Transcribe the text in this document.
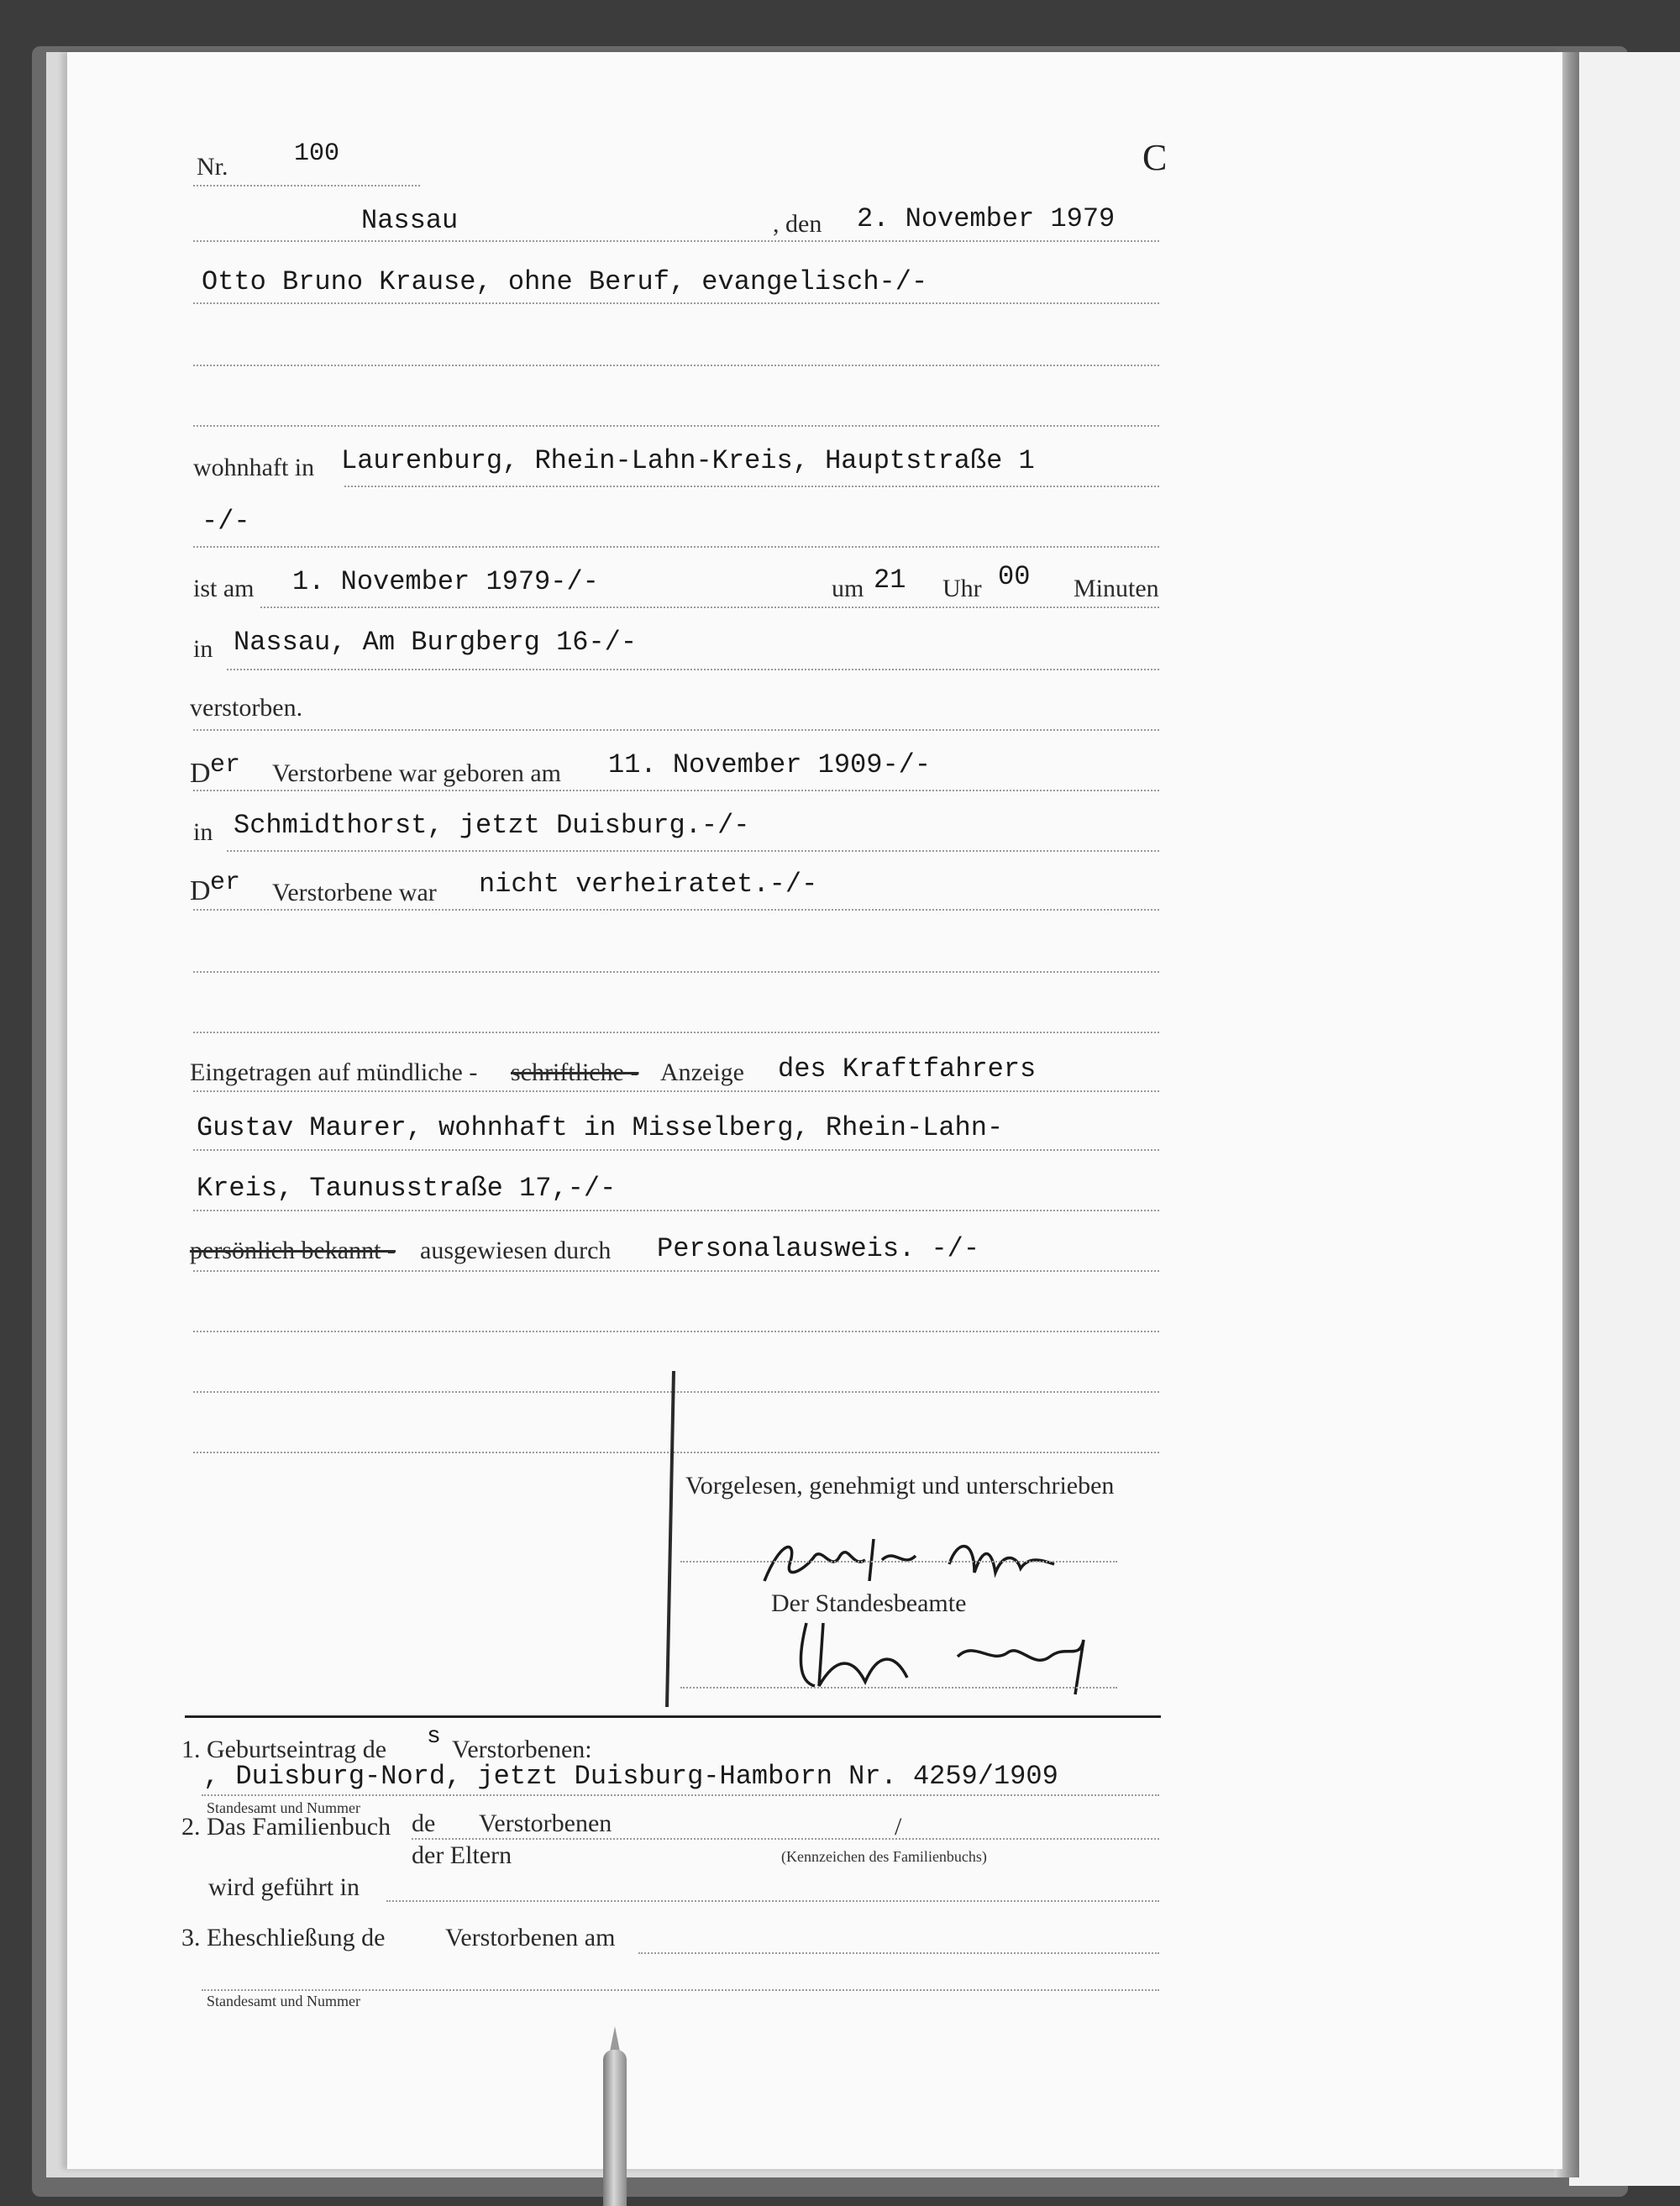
Nr.	100	C
Nassau	, den 2. November 1979
Otto Bruno Krause, ohne Beruf, evangelisch-/-
wohnhaft in Laurenburg, Rhein-Lahn-Kreis, Hauptstraße 1
-/-
ist am 1. November 1979-/-	um 21 Uhr 00 Minuten
in Nassau, Am Burgberg 16-/-
verstorben.
D er Verstorbene war geboren am 11. November 1909-/-
in Schmidthorst, jetzt Duisburg.-/-
D er Verstorbene war nicht verheiratet.-/-
Eingetragen auf mündliche - schriftliche - Anzeige des Kraftfahrers
Gustav Maurer, wohnhaft in Misselberg, Rhein-Lahn-
Kreis, Taunusstraße 17,-/-
persönlich bekannt - ausgewiesen durch Personalausweis. -/-
Vorgelesen, genehmigt und unterschrieben
Der Standesbeamte
1. Geburtseintrag de s Verstorbenen:
, Duisburg-Nord, jetzt Duisburg-Hamborn Nr. 4259/1909
Standesamt und Nummer
2. Das Familienbuch de Verstorbenen
der Eltern
/
(Kennzeichen des Familienbuchs)
wird geführt in
3. Eheschließung de Verstorbenen am
Standesamt und Nummer
